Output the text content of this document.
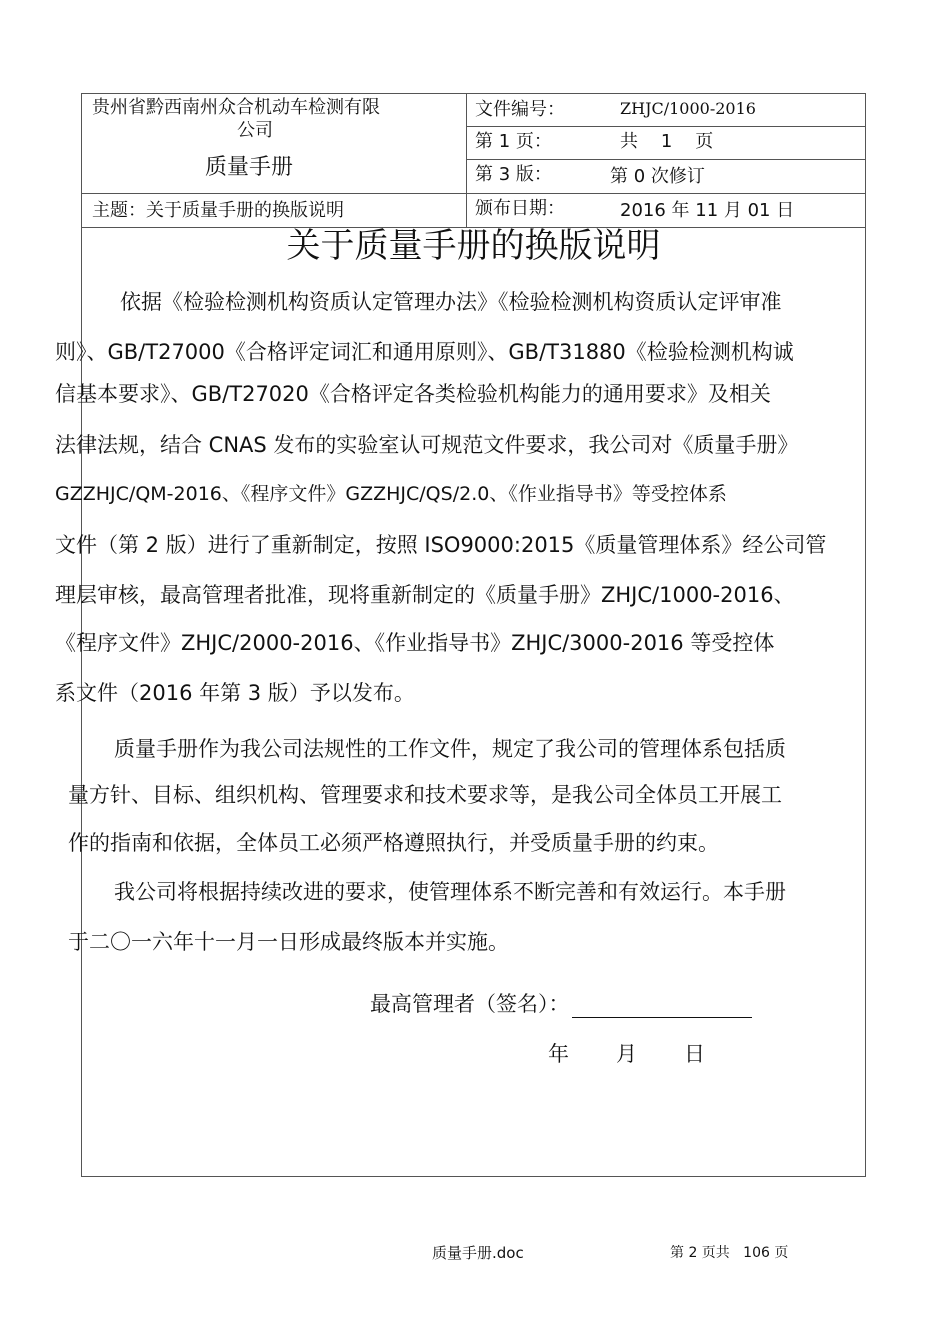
贵州省黔西南州众合机动车检测有限
公司
质量手册
主题：关于质量手册的换版说明
文件编号：	ZHJC/1000-2016
第 1 页：	共    1    页
第 3 版：	第 0 次修订
颁布日期：	2016 年 11 月 01 日
关于质量手册的换版说明
依据《检验检测机构资质认定管理办法》《检验检测机构资质认定评审准
则》、GB/T27000《合格评定词汇和通用原则》、GB/T31880《检验检测机构诚
信基本要求》、GB/T27020《合格评定各类检验机构能力的通用要求》及相关
法律法规，结合 CNAS 发布的实验室认可规范文件要求，我公司对《质量手册》
GZZHJC/QM-2016、《程序文件》GZZHJC/QS/2.0、《作业指导书》等受控体系
文件（第 2 版）进行了重新制定，按照 ISO9000:2015《质量管理体系》经公司管
理层审核，最高管理者批准，现将重新制定的《质量手册》ZHJC/1000-2016、
《程序文件》ZHJC/2000-2016、《作业指导书》ZHJC/3000-2016 等受控体
系文件（2016 年第 3 版）予以发布。
质量手册作为我公司法规性的工作文件，规定了我公司的管理体系包括质
量方针、目标、组织机构、管理要求和技术要求等，是我公司全体员工开展工
作的指南和依据，全体员工必须严格遵照执行，并受质量手册的约束。
我公司将根据持续改进的要求，使管理体系不断完善和有效运行。本手册
于二〇一六年十一月一日形成最终版本并实施。
最高管理者（签名）：
年 月 日
质量手册.doc	第 2 页共   106 页
